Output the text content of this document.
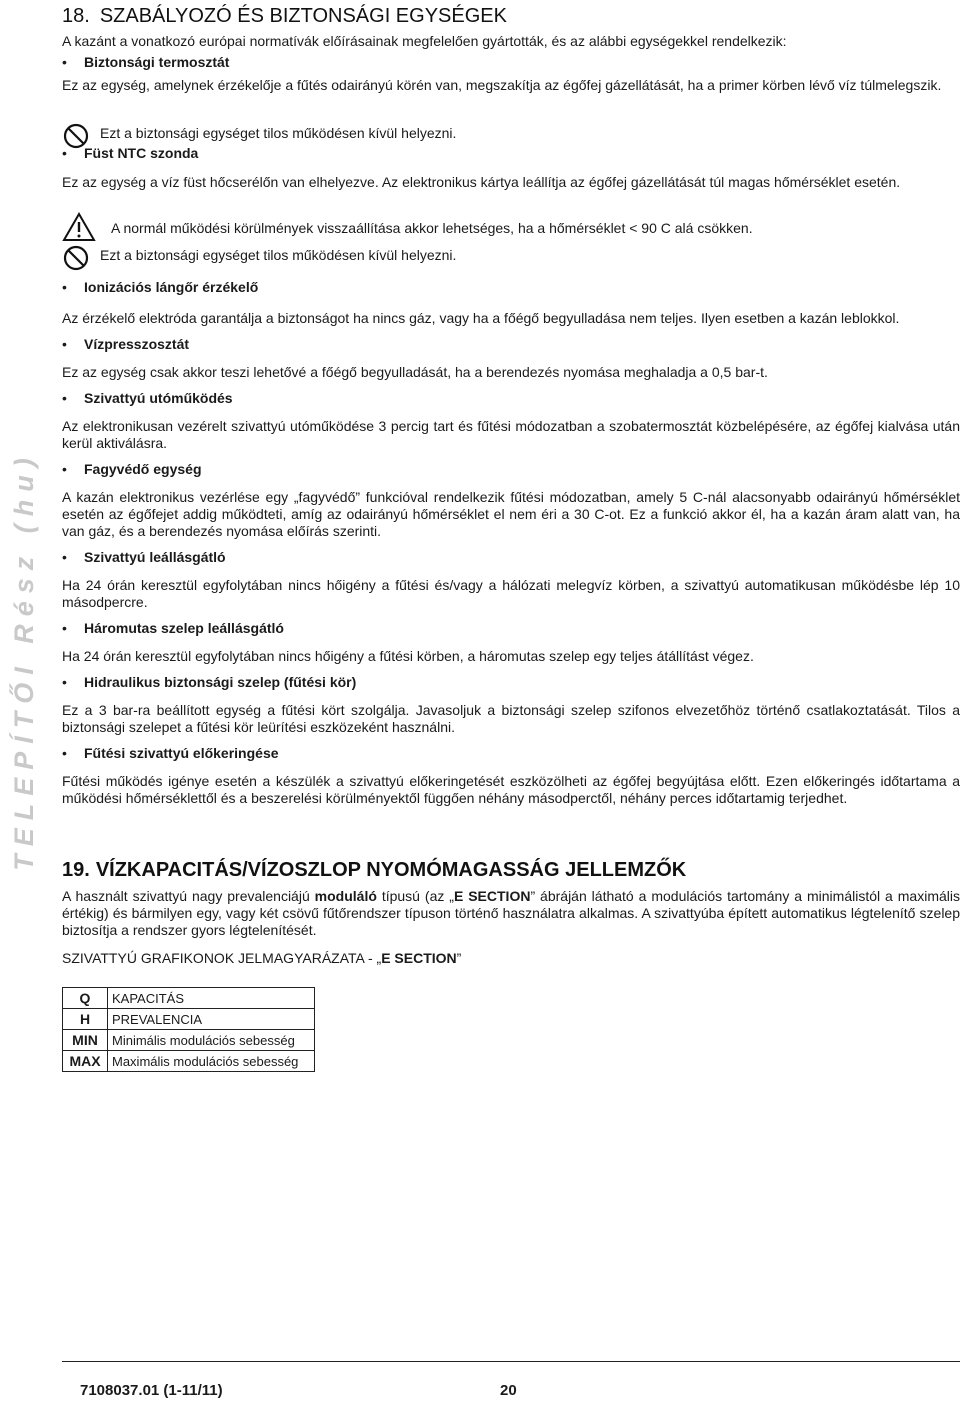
TELEPÍTŐI Rész (hu)
18. SZABÁLYOZÓ ÉS BIZTONSÁGI EGYSÉGEK

A kazánt a vonatkozó európai normatívák előírásainak megfelelően gyártották, és az alábbi egységekkel rendelkezik:

• Biztonsági termosztát

Ez az egység, amelynek érzékelője a fűtés odairányú körén van, megszakítja az égőfej gázellátását, ha a primer körben lévő víz túlmelegszik.

Ezt a biztonsági egységet tilos működésen kívül helyezni.
• Füst NTC szonda

Ez az egység a víz füst hőcserélőn van elhelyezve. Az elektronikus kártya leállítja az égőfej gázellátását túl magas hőmérséklet esetén.

A normál működési körülmények visszaállítása akkor lehetséges, ha a hőmérséklet < 90 C alá csökken.
Ezt a biztonsági egységet tilos működésen kívül helyezni.
• Ionizációs lángőr érzékelő

Az érzékelő elektróda garantálja a biztonságot ha nincs gáz, vagy ha a főégő begyulladása nem teljes. Ilyen esetben a kazán leblokkol.

• Vízpresszosztát

Ez az egység csak akkor teszi lehetővé a főégő begyulladását, ha a berendezés nyomása meghaladja a 0,5 bar-t.

• Szivattyú utóműködés

Az elektronikusan vezérelt szivattyú utóműködése 3 percig tart és fűtési módozatban a szobatermosztát közbelépésére, az égőfej kialvása után kerül aktiválásra.

• Fagyvédő egység

A kazán elektronikus vezérlése egy „fagyvédő” funkcióval rendelkezik fűtési módozatban, amely 5 C-nál alacsonyabb odairányú hőmérséklet esetén az égőfejet addig működteti, amíg az odairányú hőmérséklet el nem éri a 30 C-ot. Ez a funkció akkor él, ha a kazán áram alatt van, ha van gáz, és a berendezés nyomása előírás szerinti.

• Szivattyú leállásgátló

Ha 24 órán keresztül egyfolytában nincs hőigény a fűtési és/vagy a hálózati melegvíz körben, a szivattyú automatikusan működésbe lép 10 másodpercre.

• Háromutas szelep leállásgátló

Ha 24 órán keresztül egyfolytában nincs hőigény a fűtési körben, a háromutas szelep egy teljes átállítást végez.

• Hidraulikus biztonsági szelep (fűtési kör)

Ez a 3 bar-ra beállított egység a fűtési kört szolgálja. Javasoljuk a biztonsági szelep szifonos elvezetőhöz történő csatlakoztatását. Tilos a biztonsági szelepet a fűtési kör leürítési eszközeként használni.

• Fűtési szivattyú előkeringése

Fűtési működés igénye esetén a készülék a szivattyú előkeringetését eszközölheti az égőfej begyújtása előtt. Ezen előkeringés időtartama a működési hőmérséklettől és a beszerelési körülményektől függően néhány másodperctől, néhány perces időtartamig terjedhet.

19. VÍZKAPACITÁS/VÍZOSZLOP NYOMÓMAGASSÁG JELLEMZŐK

A használt szivattyú nagy prevalenciájú moduláló típusú (az „E SECTION” ábráján látható a modulációs tartomány a minimálistól a maximális értékig) és bármilyen egy, vagy két csövű fűtőrendszer típuson történő használatra alkalmas. A szivattyúba épített automatikus légtelenítő szelep biztosítja a rendszer gyors légtelenítését.

SZIVATTYÚ GRAFIKONOK JELMAGYARÁZATA - „E SECTION”

Q	KAPACITÁS
H	PREVALENCIA
MIN	Minimális modulációs sebesség
MAX	Maximális modulációs sebesség
7108037.01 (1-11/11)	20
